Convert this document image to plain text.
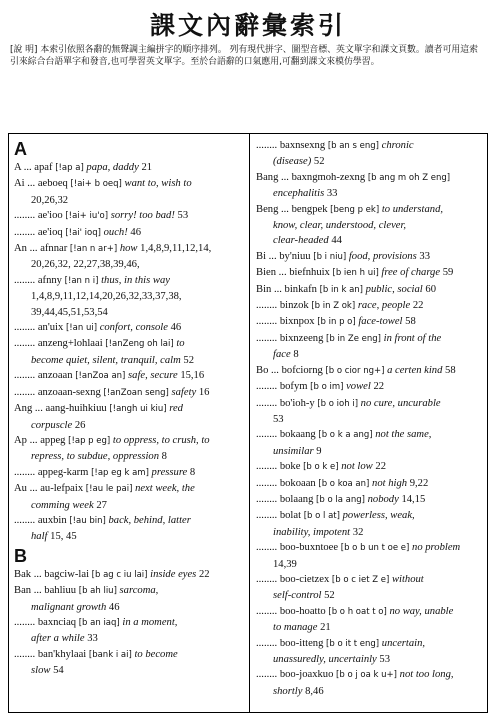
課文內辭彙索引

[說 明] 本索引依照各辭的無聲調主編拼字的順序排列。 列有現代拼字、圖型音標、英文單字和課文頁數。讀者可用這索引來綜合台語單字和發音,也可學習英文單字。至於台語辭的口氣應用,可翻到課文來模仿學習。

A
A ... apaf [!ap a] papa, daddy 21
Ai ... aeboeq [!ai+ b oeq] want to, wish to

20,26,32
........ ae'ioo [!ai+ iu'o] sorry! too bad! 53
........ ae'ioq [!ai' ioq] ouch! 46
An ... afnnar [!an n ar+] how 1,4,8,9,11,12,14,

20,26,32, 22,27,38,39,46,
........ afnny [!an n i] thus, in this way

1,4,8,9,11,12,14,20,26,32,33,37,38,
39,44,45,51,53,54
........ an'uix [!an ui] confort, console 46
........ anzeng+lohlaai [!anZeng oh lai] to

become quiet, silent, tranquil, calm 52
........ anzoaan [!anZoa an] safe, secure 15,16
........ anzoaan-sexng [!anZoan seng] safety 16
Ang ... aang-huihkiuu [!angh ui kiu] red

corpuscle 26
Ap ... appeg [!ap p eg] to oppress, to crush, to

repress, to subdue, oppression 8
........ appeg-karm [!ap eg k am] pressure 8
Au ... au-lefpaix [!au le pai] next week, the

comming week 27
........ auxbin [!au bin] back, behind, latter

half 15, 45
B
Bak ... bagciw-lai [b ag c iu lai] inside eyes 22
Ban ... bahliuu [b ah liu] sarcoma,

malignant growth 46
........ baxnciaq [b an iaq] in a moment,

after a while 33
........ ban'khylaai [bank i ai] to become

slow 54
........ baxnsexng [b an s eng] chronic

(disease) 52
Bang ... baxngmoh-zexng [b ang m oh Z eng]

encephalitis 33
Beng ... bengpek [beng p ek] to understand,

know, clear, understood, clever,
clear-headed 44
Bi ... by'niuu [b i niu] food, provisions 33
Bien ... biefnhuix [b ien h ui] free of charge 59
Bin ... binkafn [b in k an] public, social 60
........ binzok [b in Z ok] race, people 22
........ bixnpox [b in p o] face-towel 58
........ bixnzeeng [b in Ze eng] in front of the

face 8
Bo ... bofciorng [b o cior ng+] a certen kind 58
........ bofym [b o im] vowel 22
........ bo'ioh-y [b o ioh i] no cure, uncurable

53
........ bokaang [b o k a ang] not the same,

unsimilar 9
........ boke [b o k e] not low 22
........ bokoaan [b o koa an] not high 9,22
........ bolaang [b o la ang] nobody 14,15
........ bolat [b o l at] powerless, weak,

inability, impotent 32
........ boo-buxntoee [b o b un t oe e] no problem

14,39
........ boo-cietzex [b o c iet Z e] without

self-control 52
........ boo-hoatto [b o h oat t o] no way, unable

to manage 21
........ boo-itteng [b o it t eng] uncertain,

unassuredly, uncertainly 53
........ boo-joaxkuo [b o j oa k u+] not too long,

shortly 8,46
